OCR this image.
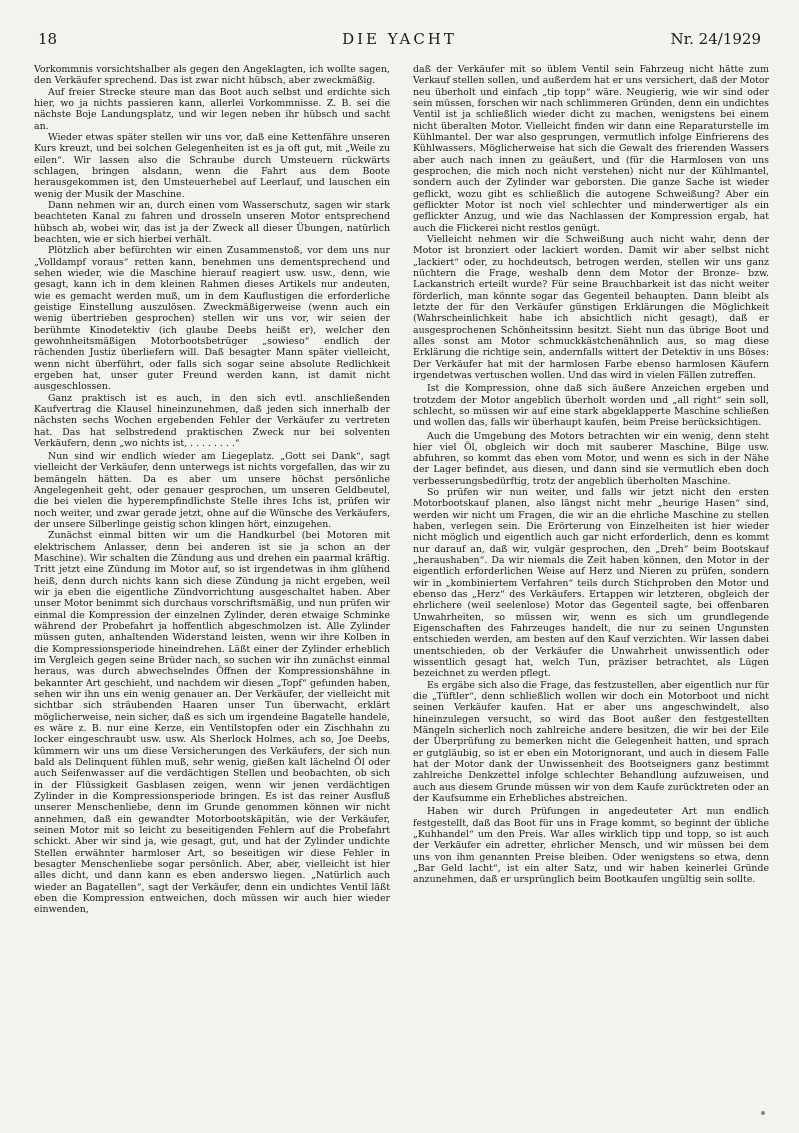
18	DIE YACHT	Nr. 24/1929

Vorkommnis vorsichtshalber als gegen den Angeklagten, ich wollte sagen, den Verkäufer sprechend. Das ist zwar nicht hübsch, aber zweckmäßig.

Auf freier Strecke steure man das Boot auch selbst und erdichte sich hier, wo ja nichts passieren kann, allerlei Vorkommnisse. Z. B. sei die nächste Boje Landungsplatz, und wir legen neben ihr hübsch und sacht an.

Wieder etwas später stellen wir uns vor, daß eine Kettenfähre unseren Kurs kreuzt, und bei solchen Gelegenheiten ist es ja oft gut, mit „Weile zu eilen“. Wir lassen also die Schraube durch Umsteuern rückwärts schlagen, bringen alsdann, wenn die Fahrt aus dem Boote herausgekommen ist, den Umsteuerhebel auf Leerlauf, und lauschen ein wenig der Musik der Maschine.

Dann nehmen wir an, durch einen vom Wasserschutz, sagen wir stark beachteten Kanal zu fahren und drosseln unseren Motor entsprechend hübsch ab, wobei wir, das ist ja der Zweck all dieser Übungen, natürlich beachten, wie er sich hierbei verhält.

Plötzlich aber befürchten wir einen Zusammenstoß, vor dem uns nur „Volldampf voraus“ retten kann, benehmen uns dementsprechend und sehen wieder, wie die Maschine hierauf reagiert usw. usw., denn, wie gesagt, kann ich in dem kleinen Rahmen dieses Artikels nur andeuten, wie es gemacht werden muß, um in dem Kauflustigen die erforderliche geistige Einstellung auszulösen. Zweckmäßigerweise (wenn auch ein wenig übertrieben gesprochen) stellen wir uns vor, wir seien der berühmte Kinodetektiv (ich glaube Deebs heißt er), welcher den gewohnheitsmäßigen Motorbootsbetrüger „sowieso“ endlich der rächenden Justiz überliefern will. Daß besagter Mann später vielleicht, wenn nicht überführt, oder falls sich sogar seine absolute Redlichkeit ergeben hat, unser guter Freund werden kann, ist damit nicht ausgeschlossen.

Ganz praktisch ist es auch, in den sich evtl. anschließenden Kaufvertrag die Klausel hineinzunehmen, daß jeden sich innerhalb der nächsten sechs Wochen ergebenden Fehler der Verkäufer zu vertreten hat. Das hat selbstredend praktischen Zweck nur bei solventen Verkäufern, denn „wo nichts ist, . . . . . . . .“

Nun sind wir endlich wieder am Liegeplatz. „Gott sei Dank“, sagt vielleicht der Verkäufer, denn unterwegs ist nichts vorgefallen, das wir zu bemängeln hätten. Da es aber um unsere höchst persönliche Angelegenheit geht, oder genauer gesprochen, um unseren Geldbeutel, die bei vielen die hyperempfindlichste Stelle ihres Ichs ist, prüfen wir noch weiter, und zwar gerade jetzt, ohne auf die Wünsche des Verkäufers, der unsere Silberlinge geistig schon klingen hört, einzugehen.

Zunächst einmal bitten wir um die Handkurbel (bei Motoren mit elektrischem Anlasser, denn bei anderen ist sie ja schon an der Maschine). Wir schalten die Zündung aus und drehen ein paarmal kräftig. Tritt jetzt eine Zündung im Motor auf, so ist irgendetwas in ihm glühend heiß, denn durch nichts kann sich diese Zündung ja nicht ergeben, weil wir ja eben die eigentliche Zündvorrichtung ausgeschaltet haben. Aber unser Motor benimmt sich durchaus vorschriftsmäßig, und nun prüfen wir einmal die Kompression der einzelnen Zylinder, deren etwaige Schminke während der Probefahrt ja hoffentlich abgeschmolzen ist. Alle Zylinder müssen guten, anhaltenden Widerstand leisten, wenn wir ihre Kolben in die Kompressionsperiode hineindrehen. Läßt einer der Zylinder erheblich im Vergleich gegen seine Brüder nach, so suchen wir ihn zunächst einmal heraus, was durch abwechselndes Öffnen der Kompressionshähne in bekannter Art geschieht, und nachdem wir diesen „Topf“ gefunden haben, sehen wir ihn uns ein wenig genauer an. Der Verkäufer, der vielleicht mit sichtbar sich sträubenden Haaren unser Tun überwacht, erklärt möglicherweise, nein sicher, daß es sich um irgendeine Bagatelle handele, es wäre z. B. nur eine Kerze, ein Ventilstopfen oder ein Zischhahn zu locker eingeschraubt usw. usw. Als Sherlock Holmes, ach so, Joe Deebs, kümmern wir uns um diese Versicherungen des Verkäufers, der sich nun bald als Delinquent fühlen muß, sehr wenig, gießen kalt lächelnd Öl oder auch Seifenwasser auf die verdächtigen Stellen und beobachten, ob sich in der Flüssigkeit Gasblasen zeigen, wenn wir jenen verdächtigen Zylinder in die Kompressionsperiode bringen. Es ist das reiner Ausfluß unserer Menschenliebe, denn im Grunde genommen können wir nicht annehmen, daß ein gewandter Motorbootskäpitän, wie der Verkäufer, seinen Motor mit so leicht zu beseitigenden Fehlern auf die Probefahrt schickt. Aber wir sind ja, wie gesagt, gut, und hat der Zylinder undichte Stellen erwähnter harmloser Art, so beseitigen wir diese Fehler in besagter Menschenliebe sogar persönlich. Aber, aber, vielleicht ist hier alles dicht, und dann kann es eben anderswo liegen. „Natürlich auch wieder an Bagatellen“, sagt der Verkäufer, denn ein undichtes Ventil läßt eben die Kompression entweichen, doch müssen wir auch hier wieder einwenden,

daß der Verkäufer mit so üblem Ventil sein Fahrzeug nicht hätte zum Verkauf stellen sollen, und außerdem hat er uns versichert, daß der Motor neu überholt und einfach „tip topp“ wäre. Neugierig, wie wir sind oder sein müssen, forschen wir nach schlimmeren Gründen, denn ein undichtes Ventil ist ja schließlich wieder dicht zu machen, wenigstens bei einem nicht überalten Motor. Vielleicht finden wir dann eine Reparaturstelle im Kühlmantel. Der war also gesprungen, vermutlich infolge Einfrierens des Kühlwassers. Möglicherweise hat sich die Gewalt des frierenden Wassers aber auch nach innen zu geäußert, und (für die Harmlosen von uns gesprochen, die mich noch nicht verstehen) nicht nur der Kühlmantel, sondern auch der Zylinder war geborsten. Die ganze Sache ist wieder geflickt, wozu gibt es schließlich die autogene Schweißung? Aber ein geflickter Motor ist noch viel schlechter und minderwertiger als ein geflickter Anzug, und wie das Nachlassen der Kompression ergab, hat auch die Flickerei nicht restlos genügt.

Vielleicht nehmen wir die Schweißung auch nicht wahr, denn der Motor ist bronziert oder lackiert worden. Damit wir aber selbst nicht „lackiert“ oder, zu hochdeutsch, betrogen werden, stellen wir uns ganz nüchtern die Frage, weshalb denn dem Motor der Bronze- bzw. Lackanstrich erteilt wurde? Für seine Brauchbarkeit ist das nicht weiter förderlich, man könnte sogar das Gegenteil behaupten. Dann bleibt als letzte der für den Verkäufer günstigen Erklärungen die Möglichkeit (Wahrscheinlichkeit habe ich absichtlich nicht gesagt), daß er ausgesprochenen Schönheitssinn besitzt. Sieht nun das übrige Boot und alles sonst am Motor schmuckkästchenähnlich aus, so mag diese Erklärung die richtige sein, andernfalls wittert der Detektiv in uns Böses: Der Verkäufer hat mit der harmlosen Farbe ebenso harmlosen Käufern irgendetwas vertuschen wollen. Und das wird in vielen Fällen zutreffen.

Ist die Kompression, ohne daß sich äußere Anzeichen ergeben und trotzdem der Motor angeblich überholt worden und „all right“ sein soll, schlecht, so müssen wir auf eine stark abgeklapperte Maschine schließen und wollen das, falls wir überhaupt kaufen, beim Preise berücksichtigen.

Auch die Umgebung des Motors betrachten wir ein wenig, denn steht hier viel Öl, obgleich wir doch mit sauberer Maschine, Bilge usw. abfuhren, so kommt das eben vom Motor, und wenn es sich in der Nähe der Lager befindet, aus diesen, und dann sind sie vermutlich eben doch verbesserungsbedürftig, trotz der angeblich überholten Maschine.

So prüfen wir nun weiter, und falls wir jetzt nicht den ersten Motorbootskauf planen, also längst nicht mehr „heurige Hasen“ sind, werden wir nicht um Fragen, die wir an die ehrliche Maschine zu stellen haben, verlegen sein. Die Erörterung von Einzelheiten ist hier wieder nicht möglich und eigentlich auch gar nicht erforderlich, denn es kommt nur darauf an, daß wir, vulgär gesprochen, den „Dreh“ beim Bootskauf „heraushaben“. Da wir niemals die Zeit haben können, den Motor in der eigentlich erforderlichen Weise auf Herz und Nieren zu prüfen, sondern wir in „kombiniertem Verfahren“ teils durch Stichproben den Motor und ebenso das „Herz“ des Verkäufers. Ertappen wir letzteren, obgleich der ehrlichere (weil seelenlose) Motor das Gegenteil sagte, bei offenbaren Unwahrheiten, so müssen wir, wenn es sich um grundlegende Eigenschaften des Fahrzeuges handelt, die nur zu seinen Ungunsten entschieden werden, am besten auf den Kauf verzichten. Wir lassen dabei unentschieden, ob der Verkäufer die Unwahrheit unwissentlich oder wissentlich gesagt hat, welch Tun, präziser betrachtet, als Lügen bezeichnet zu werden pflegt.

Es ergäbe sich also die Frage, das festzustellen, aber eigentlich nur für die „Tüftler“, denn schließlich wollen wir doch ein Motorboot und nicht seinen Verkäufer kaufen. Hat er aber uns angeschwindelt, also hineinzulegen versucht, so wird das Boot außer den festgestellten Mängeln sicherlich noch zahlreiche andere besitzen, die wir bei der Eile der Überprüfung zu bemerken nicht die Gelegenheit hatten, und sprach er gutgläubig, so ist er eben ein Motorignorant, und auch in diesem Falle hat der Motor dank der Unwissenheit des Bootseigners ganz bestimmt zahlreiche Denkzettel infolge schlechter Behandlung aufzuweisen, und auch aus diesem Grunde müssen wir von dem Kaufe zurücktreten oder an der Kaufsumme ein Erhebliches abstreichen.

Haben wir durch Prüfungen in angedeuteter Art nun endlich festgestellt, daß das Boot für uns in Frage kommt, so beginnt der übliche „Kuhhandel“ um den Preis. War alles wirklich tipp und topp, so ist auch der Verkäufer ein adretter, ehrlicher Mensch, und wir müssen bei dem uns von ihm genannten Preise bleiben. Oder wenigstens so etwa, denn „Bar Geld lacht“, ist ein alter Satz, und wir haben keinerlei Gründe anzunehmen, daß er ursprünglich beim Bootkaufen ungültig sein sollte.
